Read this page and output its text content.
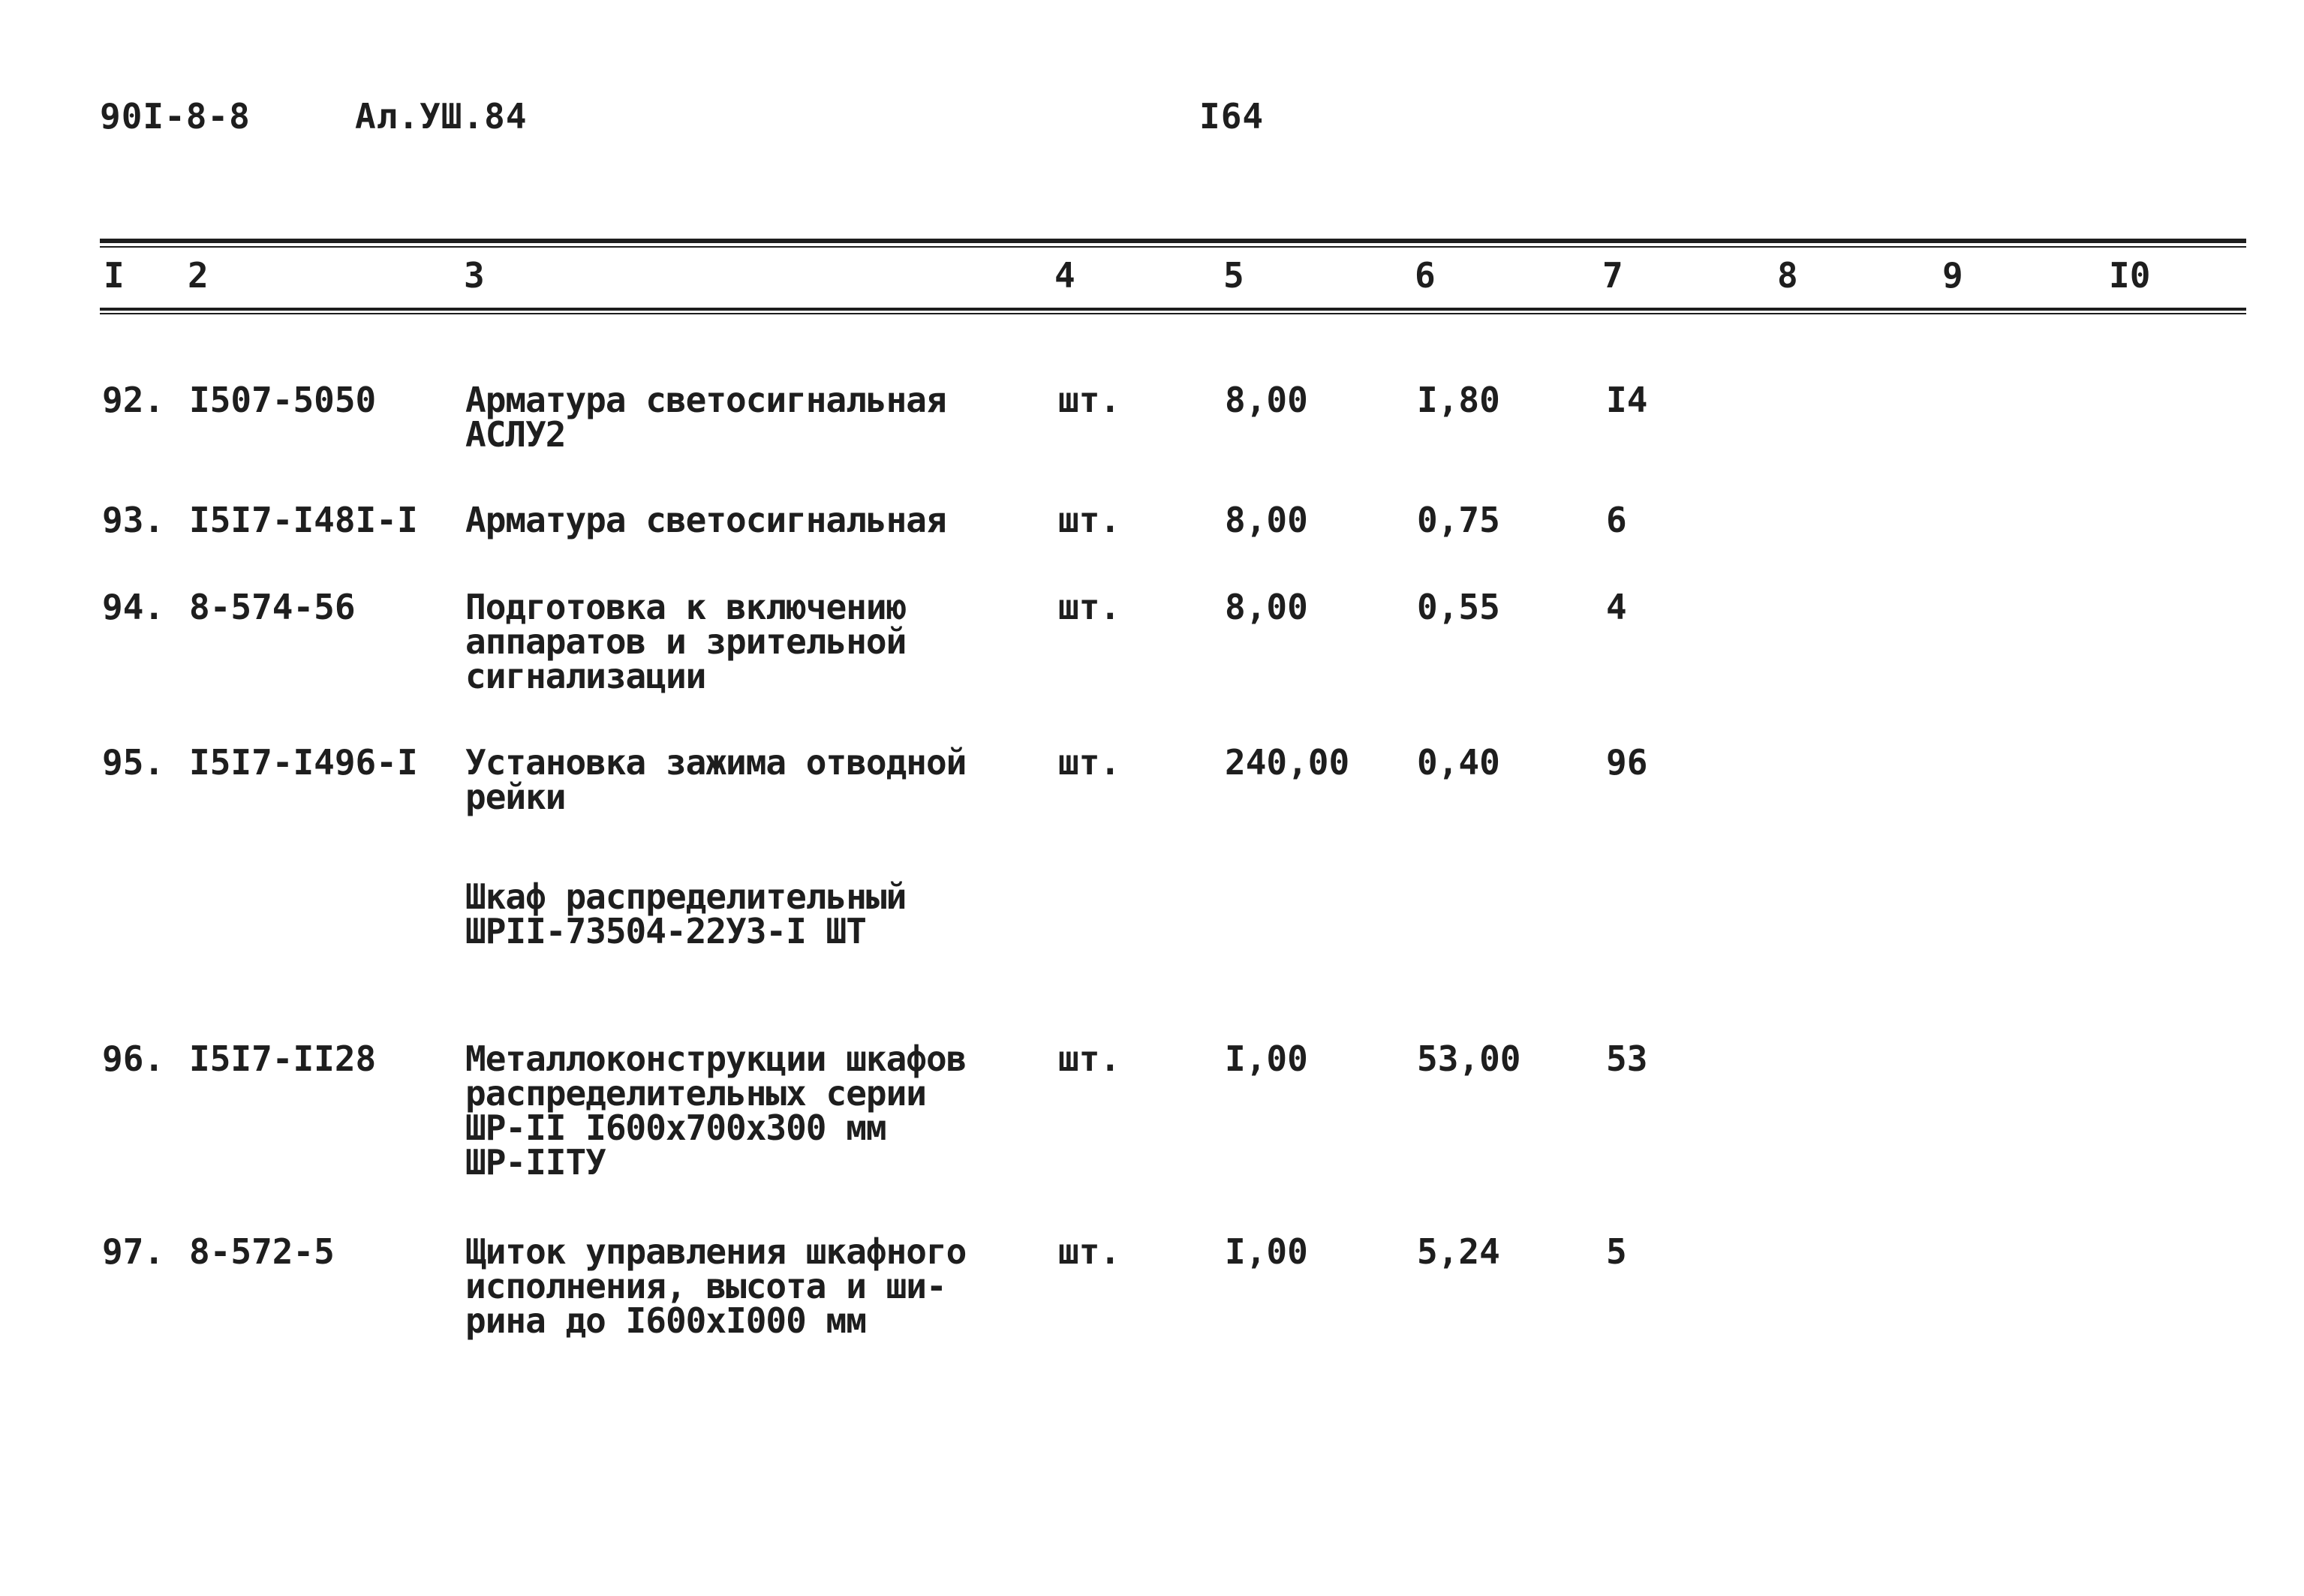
90I-8-8	Ал.УШ.84	I64
I 2	3	4	5	6	7	8	9	I0
92. I507-5050	Арматура светосигнальная
АСЛУ2
шт.	8,00	I,80	I4
93. I5I7-I48I-I Арматура светосигнальная	шт.	8,00	0,75	6
94. 8-574-56	Подготовка к включению
аппаратов и зрительной
сигнализации
шт.	8,00	0,55	4
95. I5I7-I496-I Установка зажима отводной
рейки
шт.	240,00 0,40	96
Шкаф распределительный
ШРII-73504-22УЗ-I ШТ
96. I5I7-II28	Металлоконструкции шкафов
распределительных серии
ШР-II I600х700х300 мм
ШР-IIТУ
шт.	I,00	53,00 53
97. 8-572-5	Щиток управления шкафного
исполнения, высота и ши-
рина до I600хI000 мм
шт.	I,00	5,24	5
